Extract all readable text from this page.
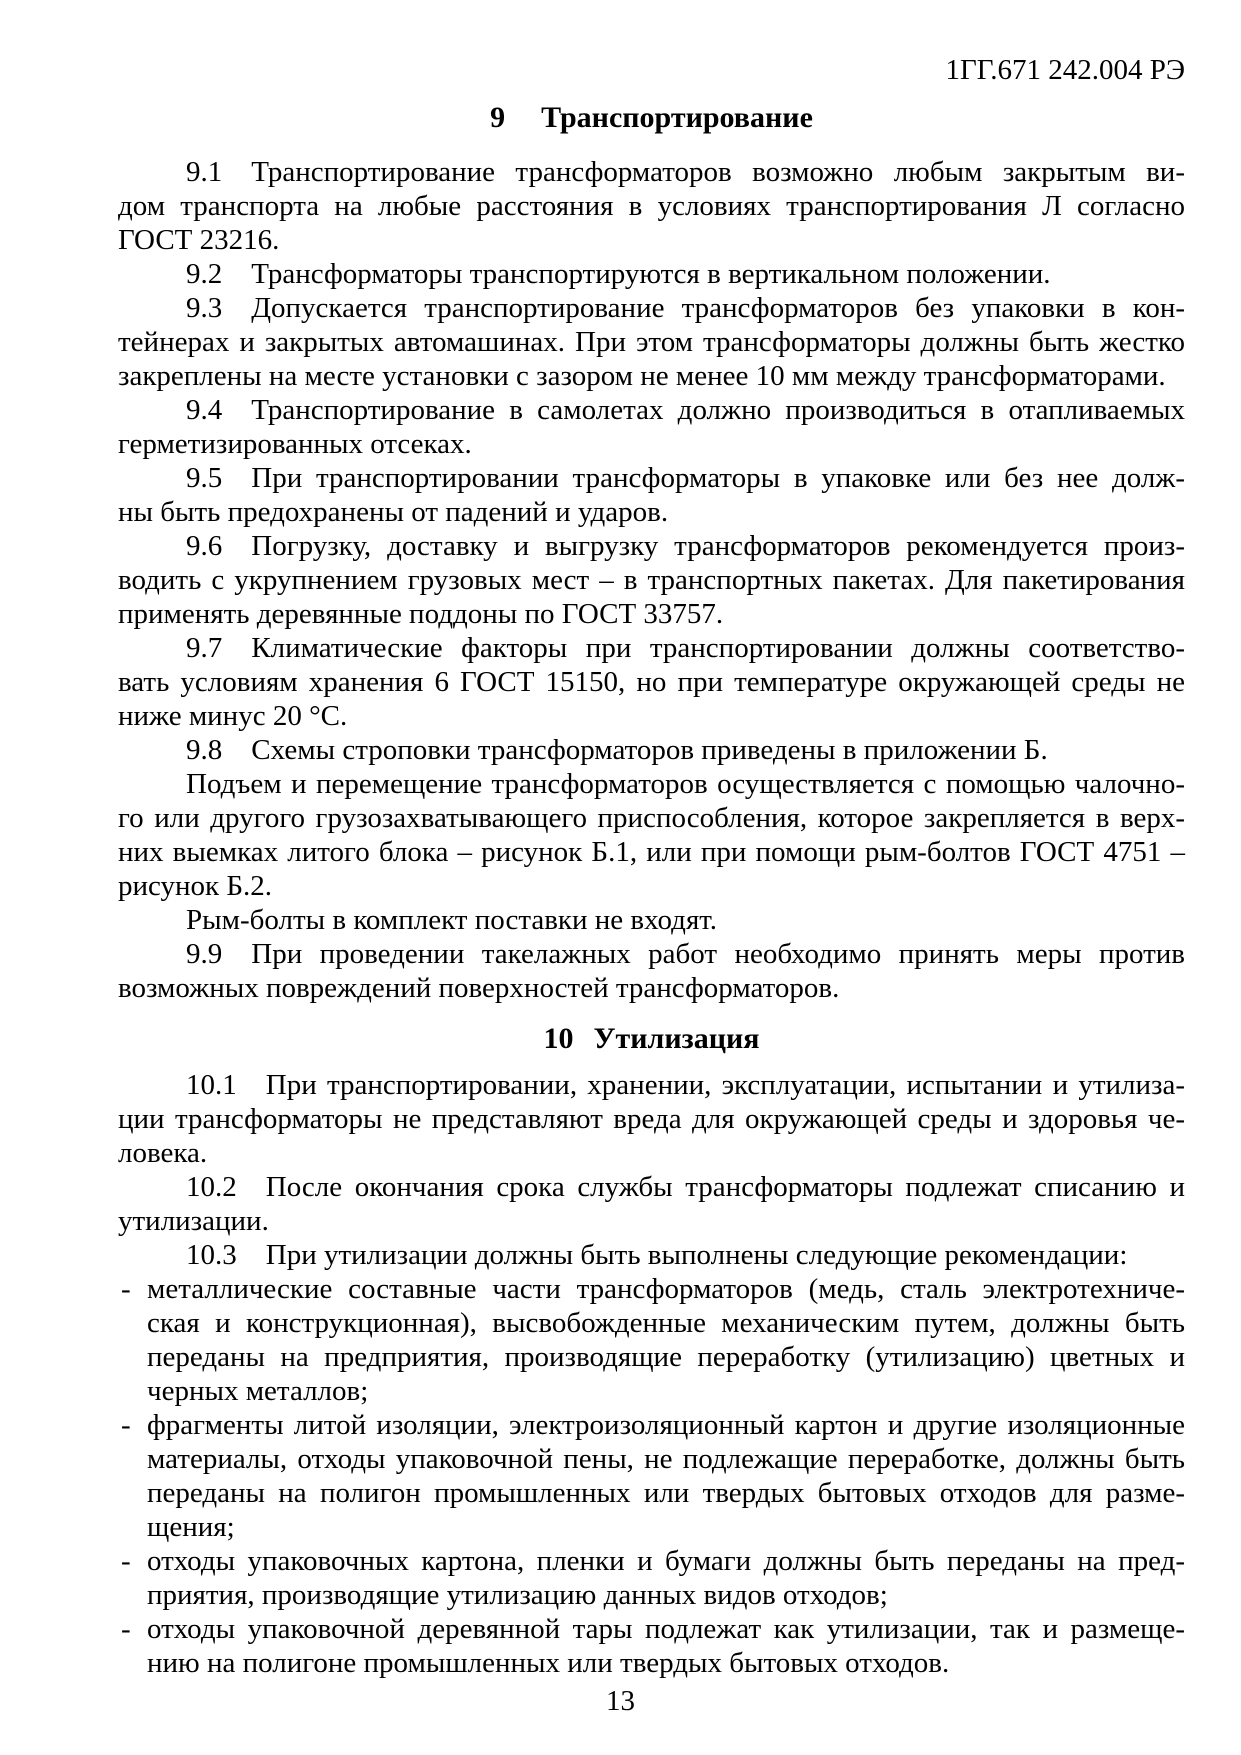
1ГГ.671 242.004 РЭ
9 Транспортирование
9.1 Транспортирование трансформаторов возможно любым закрытым ви-
дом транспорта на любые расстояния в условиях транспортирования Л согласно
ГОСТ 23216.
9.2 Трансформаторы транспортируются в вертикальном положении.
9.3 Допускается транспортирование трансформаторов без упаковки в кон-
тейнерах и закрытых автомашинах. При этом трансформаторы должны быть жестко
закреплены на месте установки с зазором не менее 10 мм между трансформаторами.
9.4 Транспортирование в самолетах должно производиться в отапливаемых
герметизированных отсеках.
9.5 При транспортировании трансформаторы в упаковке или без нее долж-
ны быть предохранены от падений и ударов.
9.6 Погрузку, доставку и выгрузку трансформаторов рекомендуется произ-
водить с укрупнением грузовых мест – в транспортных пакетах. Для пакетирования
применять деревянные поддоны по ГОСТ 33757.
9.7 Климатические факторы при транспортировании должны соответство-
вать условиям хранения 6 ГОСТ 15150, но при температуре окружающей среды не
ниже минус 20 °С.
9.8 Схемы строповки трансформаторов приведены в приложении Б.
Подъем и перемещение трансформаторов осуществляется с помощью чалочно-
го или другого грузозахватывающего приспособления, которое закрепляется в верх-
них выемках литого блока – рисунок Б.1, или при помощи рым-болтов ГОСТ 4751 –
рисунок Б.2.
Рым-болты в комплект поставки не входят.
9.9 При проведении такелажных работ необходимо принять меры против
возможных повреждений поверхностей трансформаторов.
10 Утилизация
10.1 При транспортировании, хранении, эксплуатации, испытании и утилиза-
ции трансформаторы не представляют вреда для окружающей среды и здоровья че-
ловека.
10.2 После окончания срока службы трансформаторы подлежат списанию и
утилизации.
10.3 При утилизации должны быть выполнены следующие рекомендации:
- металлические составные части трансформаторов (медь, сталь электротехниче-
ская и конструкционная), высвобожденные механическим путем, должны быть
переданы на предприятия, производящие переработку (утилизацию) цветных и
черных металлов;
- фрагменты литой изоляции, электроизоляционный картон и другие изоляционные
материалы, отходы упаковочной пены, не подлежащие переработке, должны быть
переданы на полигон промышленных или твердых бытовых отходов для разме-
щения;
- отходы упаковочных картона, пленки и бумаги должны быть переданы на пред-
приятия, производящие утилизацию данных видов отходов;
- отходы упаковочной деревянной тары подлежат как утилизации, так и размеще-
нию на полигоне промышленных или твердых бытовых отходов.
13
